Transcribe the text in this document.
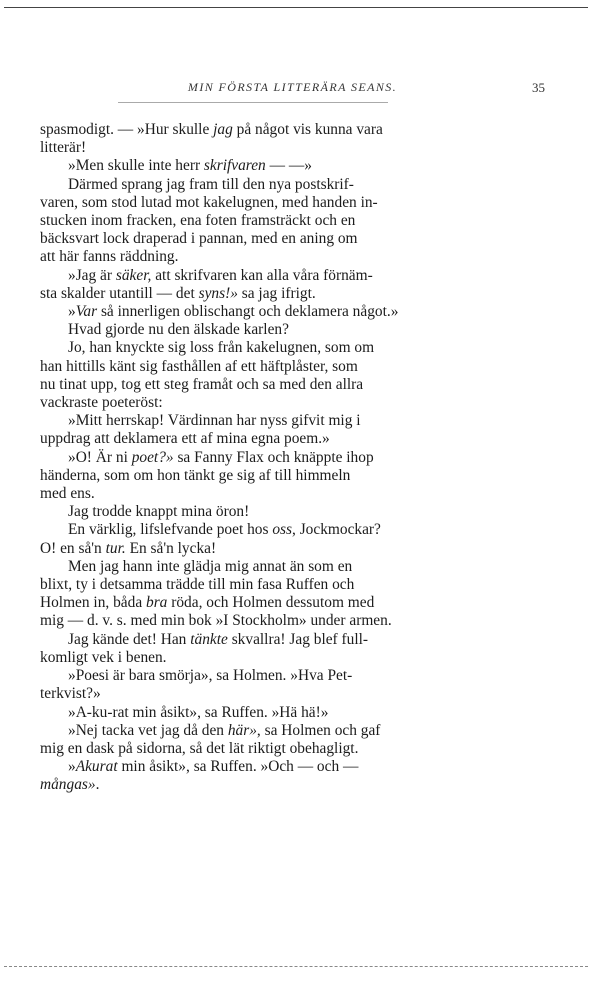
MIN FÖRSTA LITTERÄRA SEANS.	35

spasmodigt. — »Hur skulle jag på något vis kunna vara
litterär!

»Men skulle inte herr skrifvaren — —»

Därmed sprang jag fram till den nya postskrif-
varen, som stod lutad mot kakelugnen, med handen in-
stucken inom fracken, ena foten framsträckt och en
bäcksvart lock draperad i pannan, med en aning om
att här fanns räddning.

»Jag är säker, att skrifvaren kan alla våra förnäm-
sta skalder utantill — det syns!» sa jag ifrigt.

»Var så innerligen oblischangt och deklamera något.»

Hvad gjorde nu den älskade karlen?

Jo, han knyckte sig loss från kakelugnen, som om
han hittills känt sig fasthållen af ett häftplåster, som
nu tinat upp, tog ett steg framåt och sa med den allra
vackraste poeteröst:

»Mitt herrskap! Värdinnan har nyss gifvit mig i
uppdrag att deklamera ett af mina egna poem.»

»O! Är ni poet?» sa Fanny Flax och knäppte ihop
händerna, som om hon tänkt ge sig af till himmeln
med ens.

Jag trodde knappt mina öron!

En värklig, lifslefvande poet hos oss, Jockmockar?
O! en så'n tur. En så'n lycka!

Men jag hann inte glädja mig annat än som en
blixt, ty i detsamma trädde till min fasa Ruffen och
Holmen in, båda bra röda, och Holmen dessutom med
mig — d. v. s. med min bok »I Stockholm» under armen.

Jag kände det! Han tänkte skvallra! Jag blef full-
komligt vek i benen.

»Poesi är bara smörja», sa Holmen. »Hva Pet-
terkvist?»

»A-ku-rat min åsikt», sa Ruffen. »Hä hä!»

»Nej tacka vet jag då den här», sa Holmen och gaf
mig en dask på sidorna, så det lät riktigt obehagligt.

»Akurat min åsikt», sa Ruffen. »Och — och —
mångas».
